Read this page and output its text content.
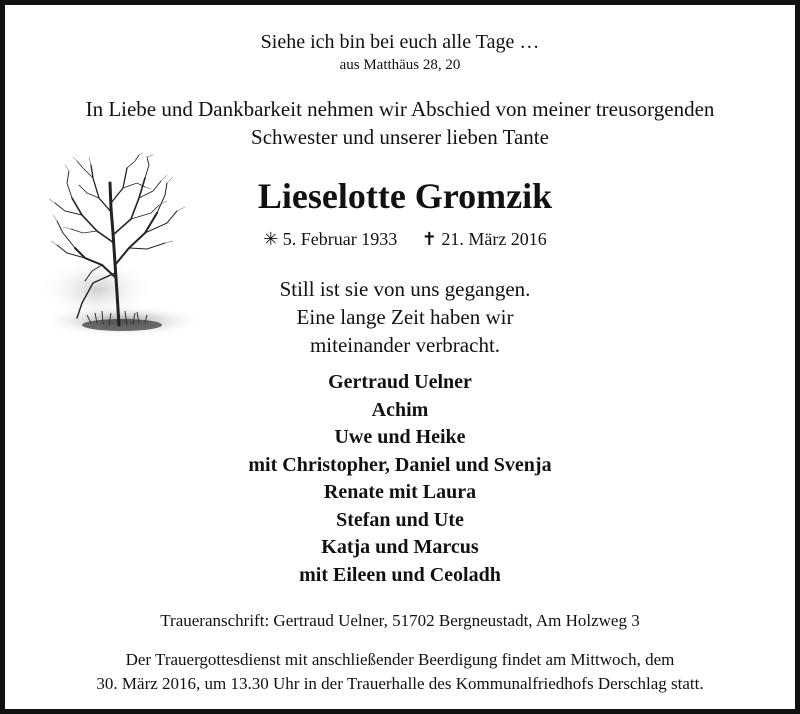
Siehe ich bin bei euch alle Tage …
aus Matthäus 28, 20
In Liebe und Dankbarkeit nehmen wir Abschied von meiner treusorgenden
Schwester und unserer lieben Tante
Lieselotte Gromzik
✳ 5. Februar 1933 ✝ 21. März 2016
Still ist sie von uns gegangen.
Eine lange Zeit haben wir
miteinander verbracht.
Gertraud Uelner
Achim
Uwe und Heike
mit Christopher, Daniel und Svenja
Renate mit Laura
Stefan und Ute
Katja und Marcus
mit Eileen und Ceoladh
Traueranschrift: Gertraud Uelner, 51702 Bergneustadt, Am Holzweg 3
Der Trauergottesdienst mit anschließender Beerdigung findet am Mittwoch, dem
30. März 2016, um 13.30 Uhr in der Trauerhalle des Kommunalfriedhofs Derschlag statt.
